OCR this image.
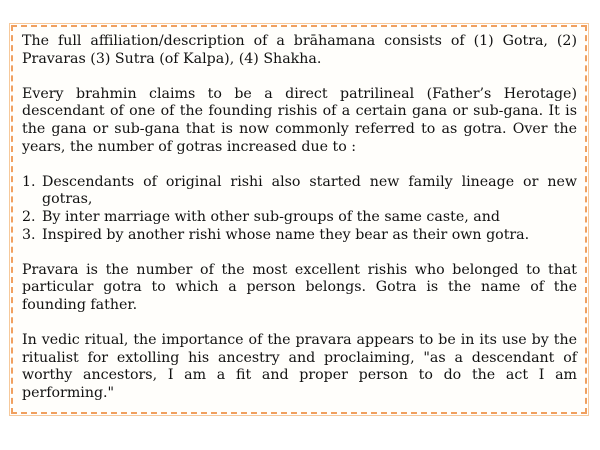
The full affiliation/description of a brāhamana consists of (1) Gotra, (2) Pravaras (3) Sutra (of Kalpa), (4) Shakha.

Every brahmin claims to be a direct patrilineal (Father’s Herotage) descendant of one of the founding rishis of a certain gana or sub-gana. It is the gana or sub-gana that is now commonly referred to as gotra. Over the years, the number of gotras increased due to :

1. Descendants of original rishi also started new family lineage or new gotras,
2. By inter marriage with other sub-groups of the same caste, and
3. Inspired by another rishi whose name they bear as their own gotra.

Pravara is the number of the most excellent rishis who belonged to that particular gotra to which a person belongs. Gotra is the name of the founding father.

In vedic ritual, the importance of the pravara appears to be in its use by the ritualist for extolling his ancestry and proclaiming, "as a descendant of worthy ancestors, I am a fit and proper person to do the act I am performing."
